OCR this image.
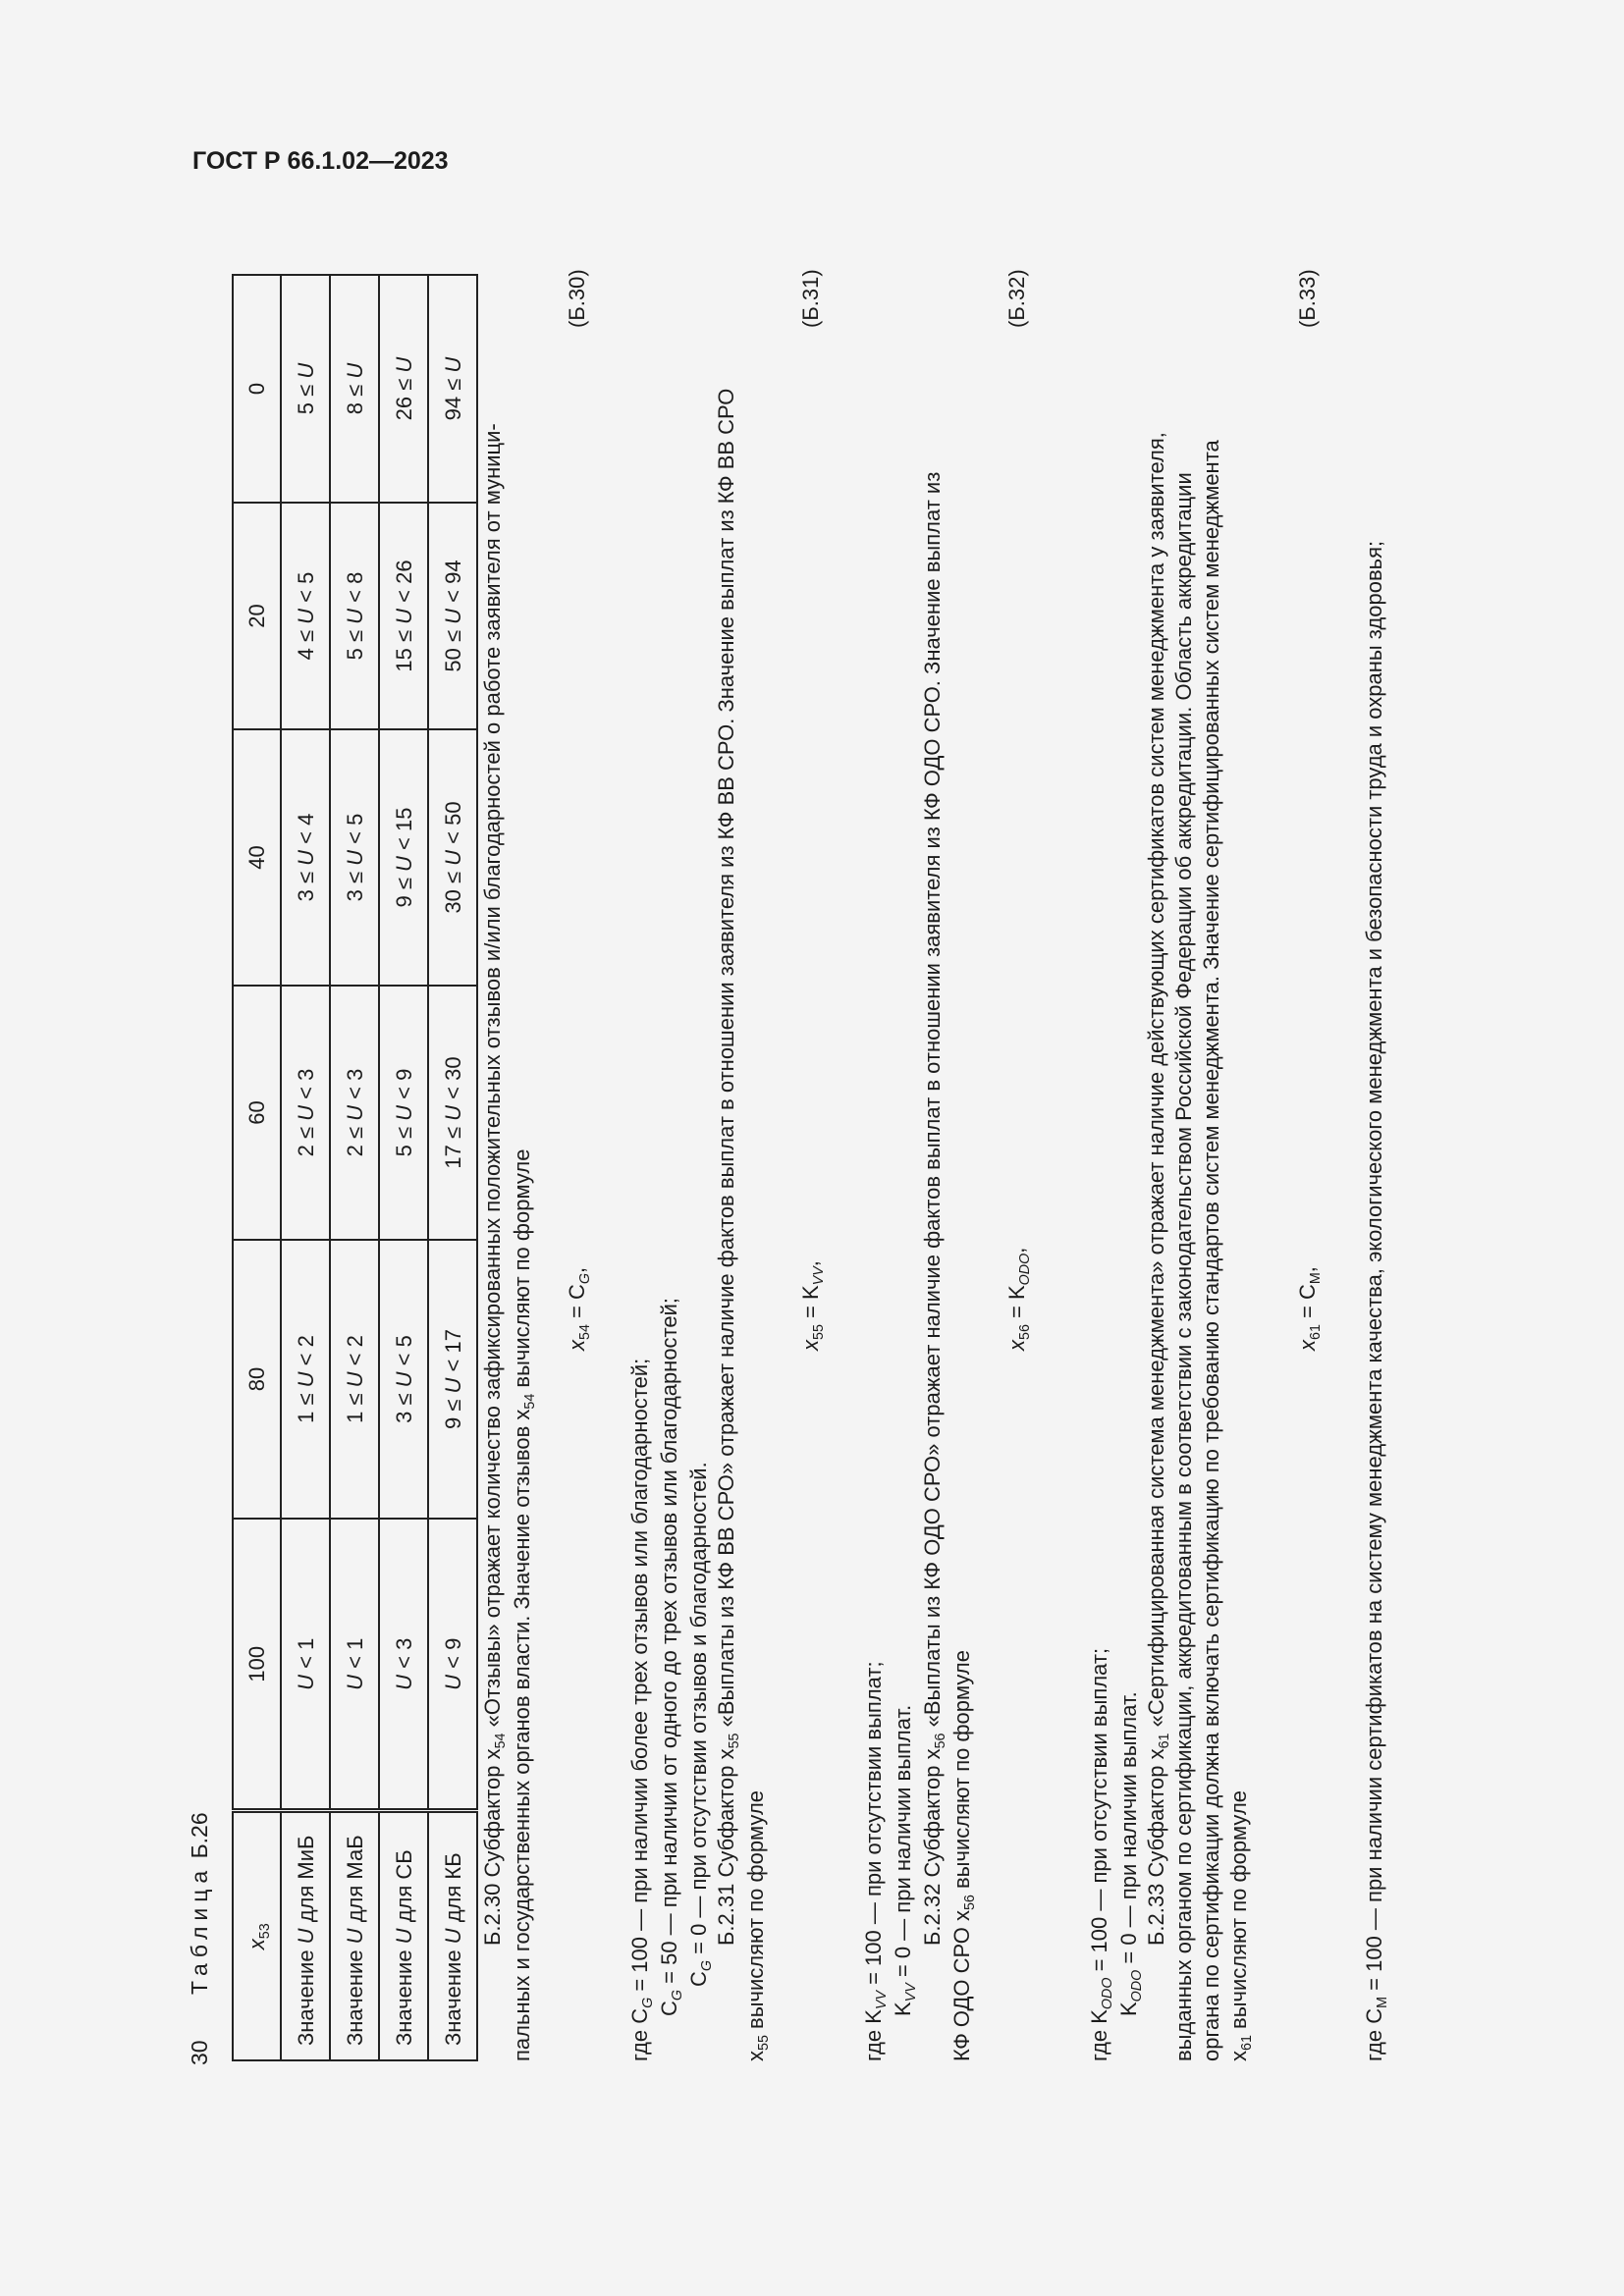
ГОСТ Р 66.1.02—2023
30
Таблица Б.26
$x_{53}$	100	80	60	40	20	0
Значение U для МиБ	U < 1	1 ≤ U < 2	2 ≤ U < 3	3 ≤ U < 4	4 ≤ U < 5	5 ≤ U
Значение U для МаБ	U < 1	1 ≤ U < 2	2 ≤ U < 3	3 ≤ U < 5	5 ≤ U < 8	8 ≤ U
Значение U для СБ	U < 3	3 ≤ U < 5	5 ≤ U < 9	9 ≤ U < 15	15 ≤ U < 26	26 ≤ U
Значение U для КБ	U < 9	9 ≤ U < 17	17 ≤ U < 30	30 ≤ U < 50	50 ≤ U < 94	94 ≤ U
Б.2.30 Субфактор $x_{54}$ «Отзывы» отражает количество зафиксированных положительных отзывов и/или благодарностей о работе заявителя от муници-
пальных и государственных органов власти. Значение отзывов $x_{54}$ вычисляют по формуле $x_{54} = C_G$,
(Б.30)
где $C_G = 100$ — при наличии более трех отзывов или благодарностей;
$C_G = 50$ — при наличии от одного до трех отзывов или благодарностей; $C_G = 0$ — при отсутствии отзывов и благодарностей. Б.2.31 Субфактор $x_{55}$ «Выплаты из КФ ВВ СРО» отражает наличие фактов выплат в отношении заявителя из КФ ВВ СРО. Значение выплат из КФ ВВ СРО
$x_{55}$ вычисляют по формуле
$x_{55} = K_{VV}$,
(Б.31)
где $K_{VV} = 100$ — при отсутствии выплат;
$K_{VV} = 0$ — при наличии выплат. Б.2.32 Субфактор $x_{56}$ «Выплаты из КФ ОДО СРО» отражает наличие фактов выплат в отношении заявителя из КФ ОДО СРО. Значение выплат из
КФ ОДО СРО $x_{56}$ вычисляют по формуле
$x_{56} = K_{ODO}$,
(Б.32)
где $K_{ODO} = 100$ — при отсутствии выплат;
$K_{ODO} = 0$ — при наличии выплат. Б.2.33 Субфактор $x_{61}$ «Сертифицированная система менеджмента» отражает наличие действующих сертификатов систем менеджмента у заявителя, выданных органом по сертификации, аккредитованным в соответствии с законодательством Российской Федерации об аккредитации. Область аккредитации органа по сертификации должна включать сертификацию по требованию стандартов систем менеджмента. Значение сертифицированных систем менеджмента $x_{61}$ вычисляют по формуле
$x_{61} = C_M$,
(Б.33)
где $C_M = 100$ — при наличии сертификатов на систему менеджмента качества, экологического менеджмента и безопасности труда и охраны здоровья;
